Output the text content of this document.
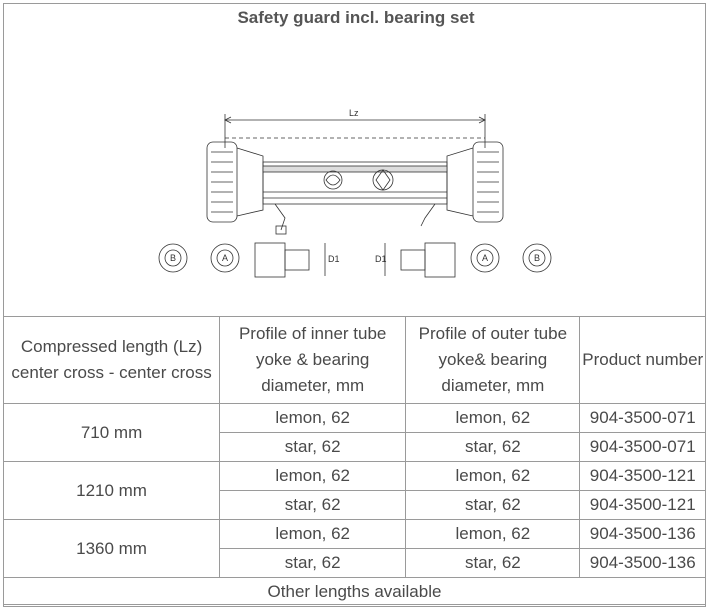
Safety guard incl. bearing set
Lz
D1	D1
B	A	A	B
Compressed length (Lz) center cross - center cross	Profile of inner tube yoke & bearing diameter, mm	Profile of outer tube yoke& bearing diameter, mm	Product number
710 mm	lemon, 62	lemon, 62	904-3500-071
	star, 62	star, 62	904-3500-071
1210 mm	lemon, 62	lemon, 62	904-3500-121
	star, 62	star, 62	904-3500-121
1360 mm	lemon, 62	lemon, 62	904-3500-136
	star, 62	star, 62	904-3500-136
Other lengths available			
